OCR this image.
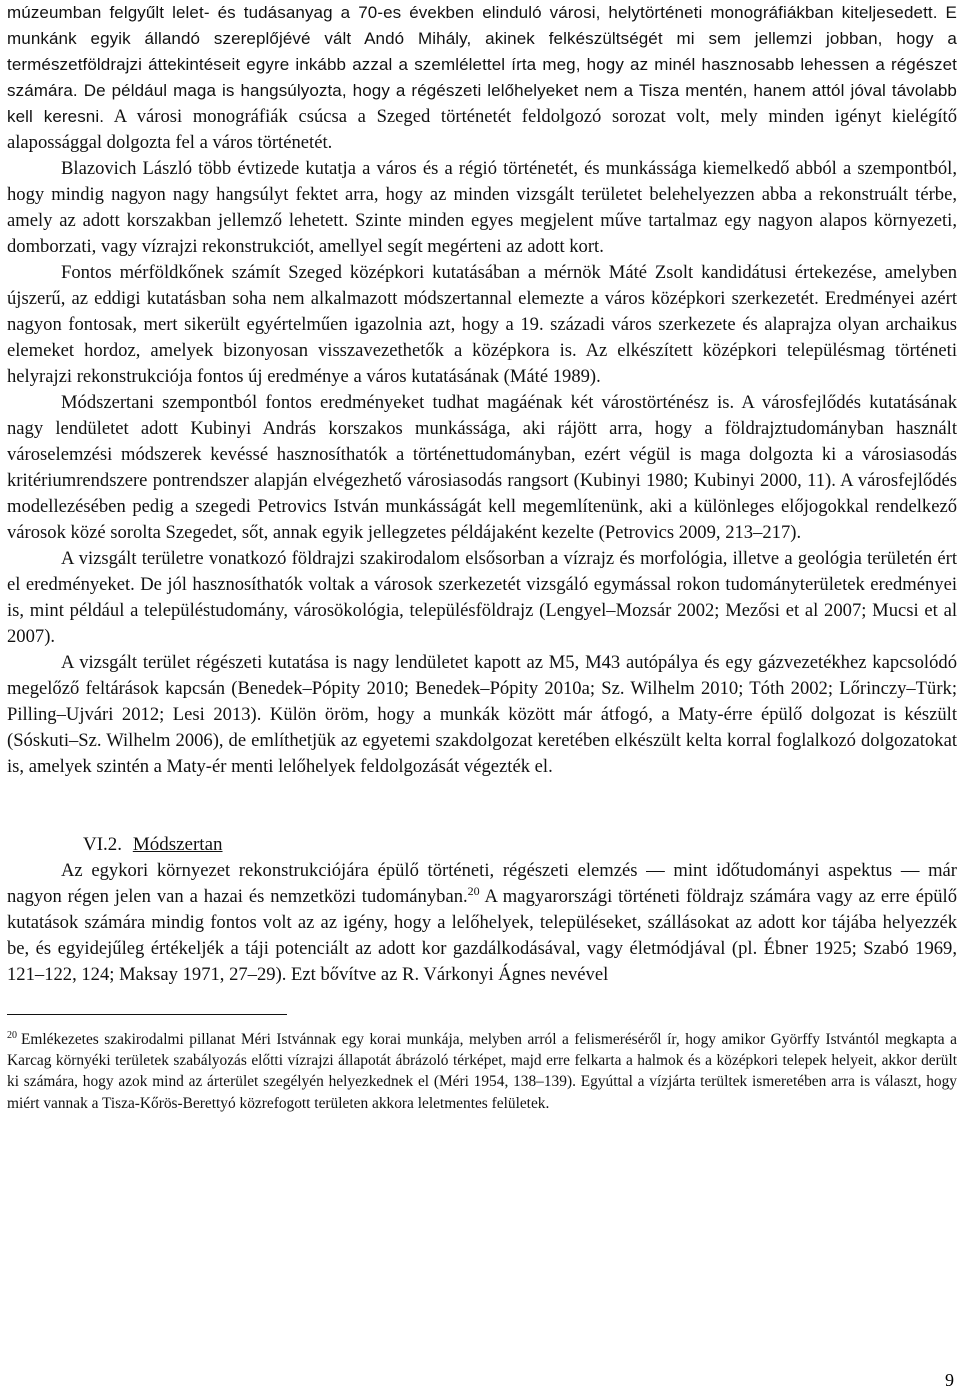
múzeumban felgyűlt lelet- és tudásanyag a 70-es években elinduló városi, helytörténeti monográfiákban kiteljesedett. E munkánk egyik állandó szereplőjévé vált Andó Mihály, akinek felkészültségét mi sem jellemzi jobban, hogy a természetföldrajzi áttekintéseit egyre inkább azzal a szemlélettel írta meg, hogy az minél hasznosabb lehessen a régészet számára. De például maga is hangsúlyozta, hogy a régészeti lelőhelyeket nem a Tisza mentén, hanem attól jóval távolabb kell keresni. A városi monográfiák csúcsa a Szeged történetét feldolgozó sorozat volt, mely minden igényt kielégítő alapossággal dolgozta fel a város történetét.

Blazovich László több évtizede kutatja a város és a régió történetét, és munkássága kiemelkedő abból a szempontból, hogy mindig nagyon nagy hangsúlyt fektet arra, hogy az minden vizsgált területet belehelyezzen abba a rekonstruált térbe, amely az adott korszakban jellemző lehetett. Szinte minden egyes megjelent műve tartalmaz egy nagyon alapos környezeti, domborzati, vagy vízrajzi rekonstrukciót, amellyel segít megérteni az adott kort.

Fontos mérföldkőnek számít Szeged középkori kutatásában a mérnök Máté Zsolt kandidátusi értekezése, amelyben újszerű, az eddigi kutatásban soha nem alkalmazott módszertannal elemezte a város középkori szerkezetét. Eredményei azért nagyon fontosak, mert sikerült egyértelműen igazolnia azt, hogy a 19. századi város szerkezete és alaprajza olyan archaikus elemeket hordoz, amelyek bizonyosan visszavezethetők a középkora is. Az elkészített középkori településmag történeti helyrajzi rekonstrukciója fontos új eredménye a város kutatásának (Máté 1989).

Módszertani szempontból fontos eredményeket tudhat magáénak két várostörténész is. A városfejlődés kutatásának nagy lendületet adott Kubinyi András korszakos munkássága, aki rájött arra, hogy a földrajztudományban használt városelemzési módszerek kevéssé hasznosíthatók a történettudományban, ezért végül is maga dolgozta ki a városiasodás kritériumrendszere pontrendszer alapján elvégezhető városiasodás rangsort (Kubinyi 1980; Kubinyi 2000, 11). A városfejlődés modellezésében pedig a szegedi Petrovics István munkásságát kell megemlítenünk, aki a különleges előjogokkal rendelkező városok közé sorolta Szegedet, sőt, annak egyik jellegzetes példájaként kezelte (Petrovics 2009, 213–217).

A vizsgált területre vonatkozó földrajzi szakirodalom elsősorban a vízrajz és morfológia, illetve a geológia területén ért el eredményeket. De jól hasznosíthatók voltak a városok szerkezetét vizsgáló egymással rokon tudományterületek eredményei is, mint például a településtudomány, városökológia, településföldrajz (Lengyel–Mozsár 2002; Mezősi et al 2007; Mucsi et al 2007).

A vizsgált terület régészeti kutatása is nagy lendületet kapott az M5, M43 autópálya és egy gázvezetékhez kapcsolódó megelőző feltárások kapcsán (Benedek–Pópity 2010; Benedek–Pópity 2010a; Sz. Wilhelm 2010; Tóth 2002; Lőrinczy–Türk; Pilling–Ujvári 2012; Lesi 2013). Külön öröm, hogy a munkák között már átfogó, a Maty-érre épülő dolgozat is készült (Sóskuti–Sz. Wilhelm 2006), de említhetjük az egyetemi szakdolgozat keretében elkészült kelta korral foglalkozó dolgozatokat is, amelyek szintén a Maty-ér menti lelőhelyek feldolgozását végezték el.

VI.2. Módszertan

Az egykori környezet rekonstrukciójára épülő történeti, régészeti elemzés — mint időtudományi aspektus — már nagyon régen jelen van a hazai és nemzetközi tudományban.$^{20}$ A magyarországi történeti földrajz számára vagy az erre épülő kutatások számára mindig fontos volt az az igény, hogy a lelőhelyek, településeket, szállásokat az adott kor tájába helyezzék be, és egyidejűleg értékeljék a táji potenciált az adott kor gazdálkodásával, vagy életmódjával (pl. Ébner 1925; Szabó 1969, 121–122, 124; Maksay 1971, 27–29). Ezt bővítve az R. Várkonyi Ágnes nevével

$^{20}$ Emlékezetes szakirodalmi pillanat Méri Istvánnak egy korai munkája, melyben arról a felismeréséről ír, hogy amikor Györffy Istvántól megkapta a Karcag környéki területek szabályozás előtti vízrajzi állapotát ábrázoló térképet, majd erre felkarta a halmok és a középkori telepek helyeit, akkor derült ki számára, hogy azok mind az árterület szegélyén helyezkednek el (Méri 1954, 138–139). Egyúttal a vízjárta terültek ismeretében arra is választ, hogy miért vannak a Tisza-Kőrös-Berettyó közrefogott területen akkora leletmentes felületek.

9
